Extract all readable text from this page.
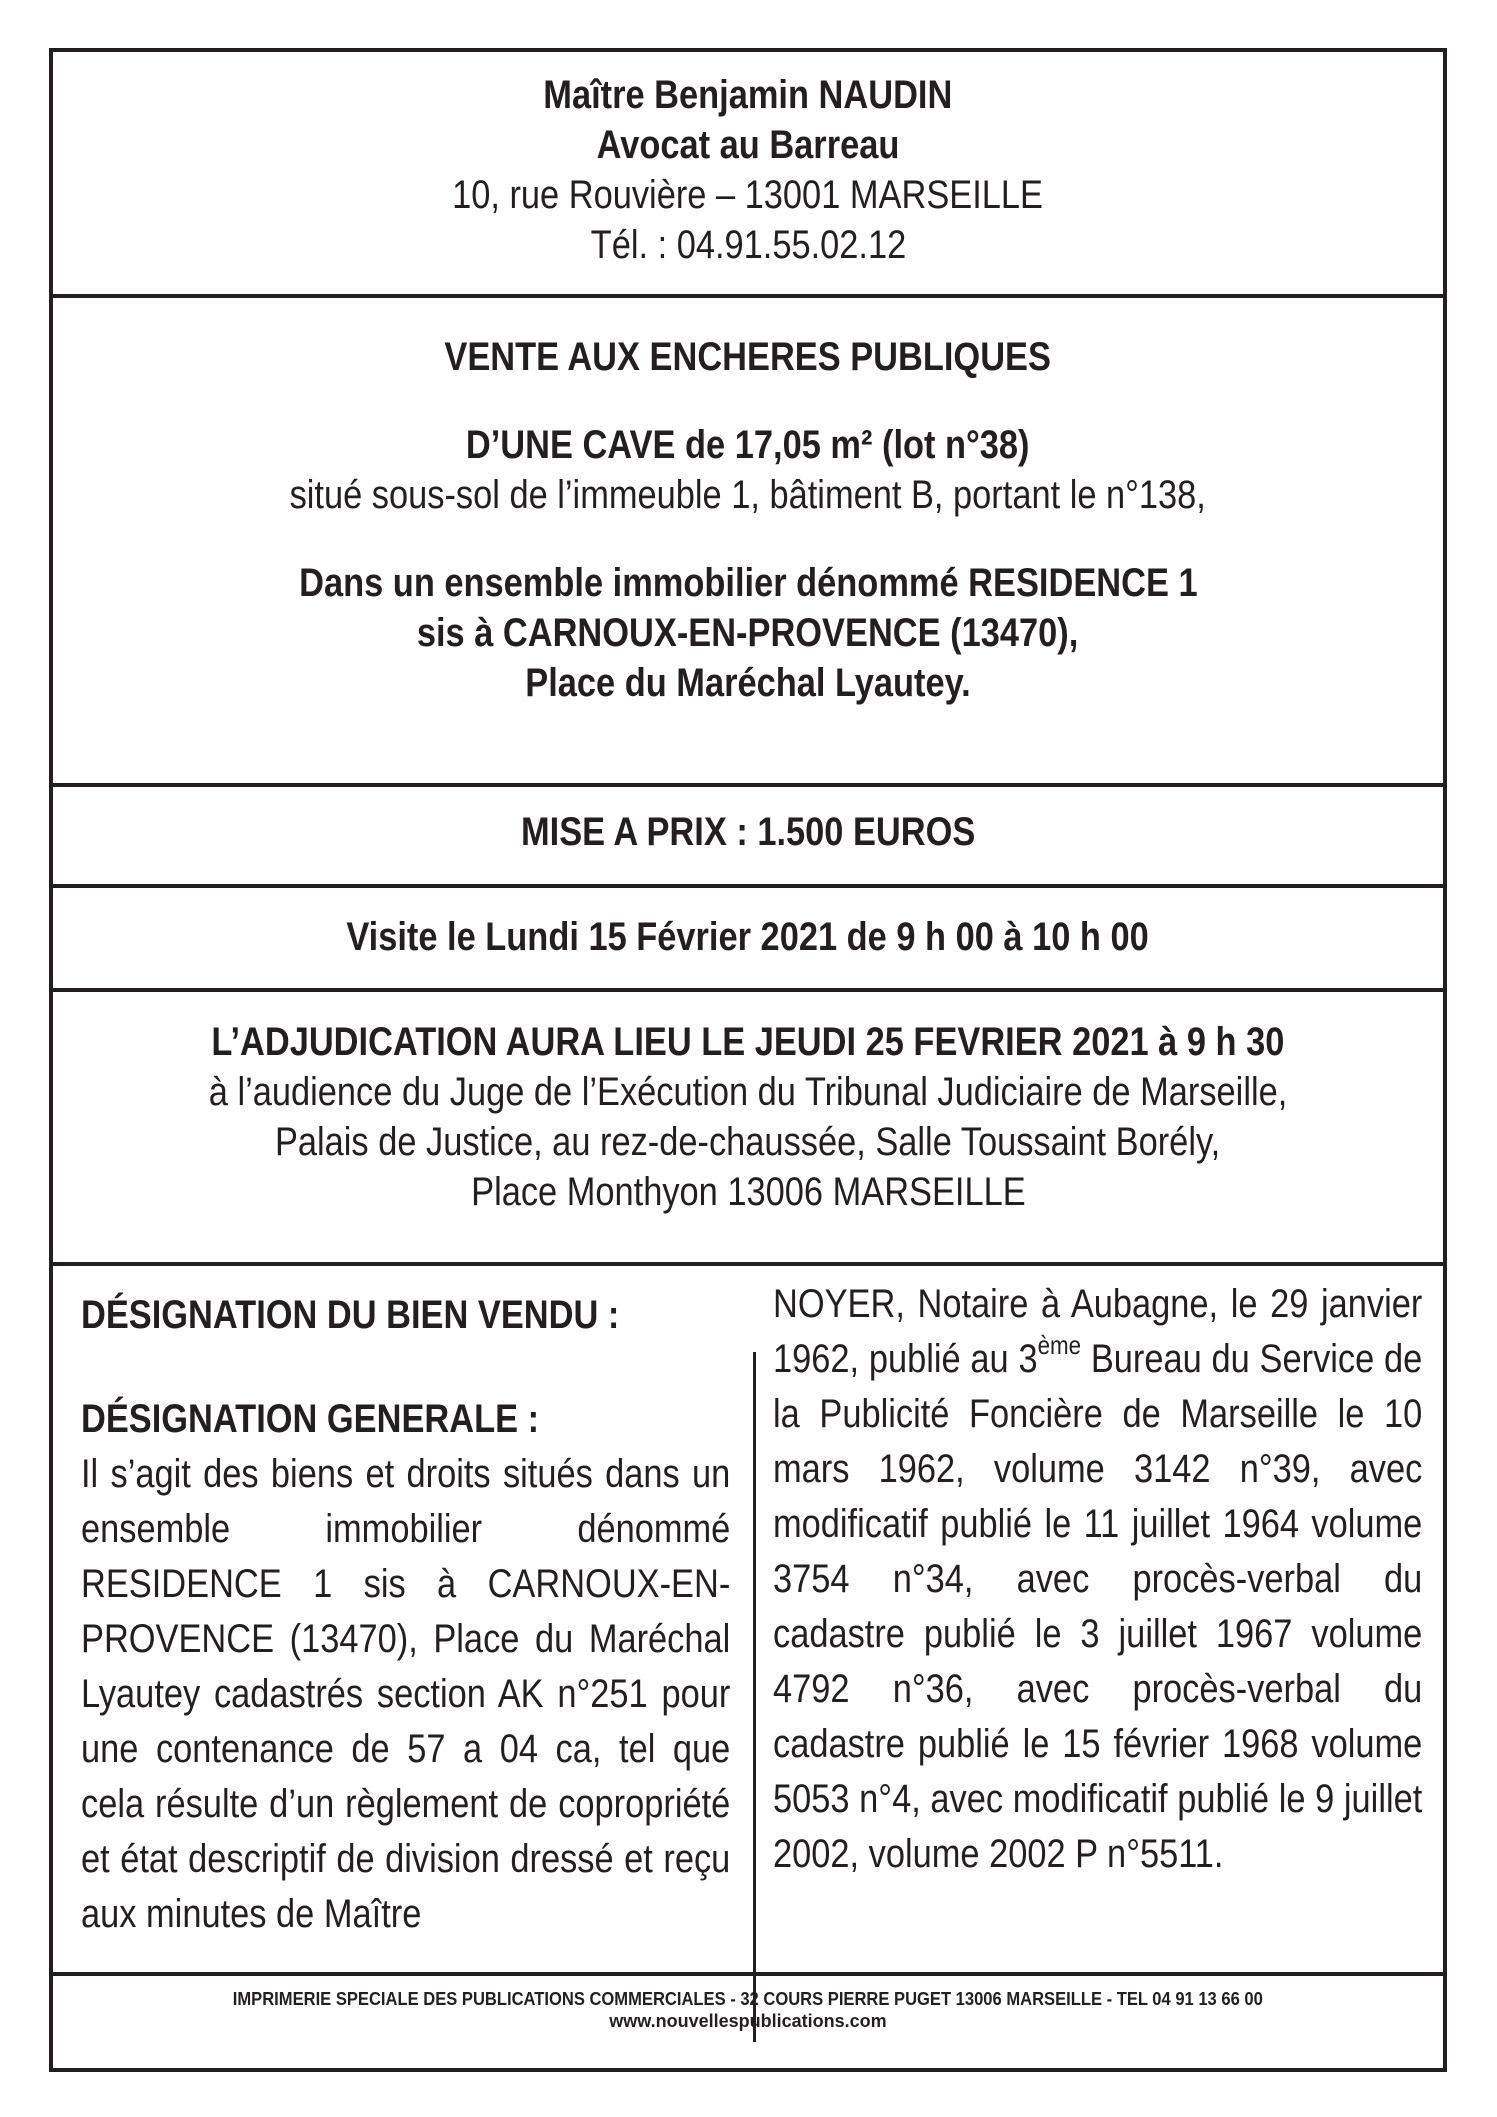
Maître Benjamin NAUDIN
Avocat au Barreau
10, rue Rouvière – 13001 MARSEILLE
Tél. : 04.91.55.02.12
VENTE AUX ENCHERES PUBLIQUES
D’UNE CAVE de 17,05 m² (lot n°38)
situé sous-sol de l’immeuble 1, bâtiment B, portant le n°138,
Dans un ensemble immobilier dénommé RESIDENCE 1
sis à CARNOUX-EN-PROVENCE (13470),
Place du Maréchal Lyautey.
MISE A PRIX : 1.500 EUROS
Visite le Lundi 15 Février 2021 de 9 h 00 à 10 h 00
L’ADJUDICATION AURA LIEU LE JEUDI 25 FEVRIER 2021 à 9 h 30
à l’audience du Juge de l’Exécution du Tribunal Judiciaire de Marseille,
Palais de Justice, au rez-de-chaussée, Salle Toussaint Borély,
Place Monthyon 13006 MARSEILLE
DÉSIGNATION DU BIEN VENDU :
DÉSIGNATION GENERALE :
Il s’agit des biens et droits situés dans un ensemble immobilier dénommé RESIDENCE 1 sis à CARNOUX-EN-PROVENCE (13470), Place du Maréchal Lyautey cadastrés section AK n°251 pour une contenance de 57 a 04 ca, tel que cela résulte d’un règlement de copropriété et état descriptif de division dressé et reçu aux minutes de Maître
NOYER, Notaire à Aubagne, le 29 janvier 1962, publié au 3ème Bureau du Service de la Publicité Foncière de Marseille le 10 mars 1962, volume 3142 n°39, avec modificatif publié le 11 juillet 1964 volume 3754 n°34, avec procès-verbal du cadastre publié le 3 juillet 1967 volume 4792 n°36, avec procès-verbal du cadastre publié le 15 février 1968 volume 5053 n°4, avec modificatif publié le 9 juillet 2002, volume 2002 P n°5511.
IMPRIMERIE SPECIALE DES PUBLICATIONS COMMERCIALES - 32 COURS PIERRE PUGET 13006 MARSEILLE - TEL 04 91 13 66 00
www.nouvellespublications.com
